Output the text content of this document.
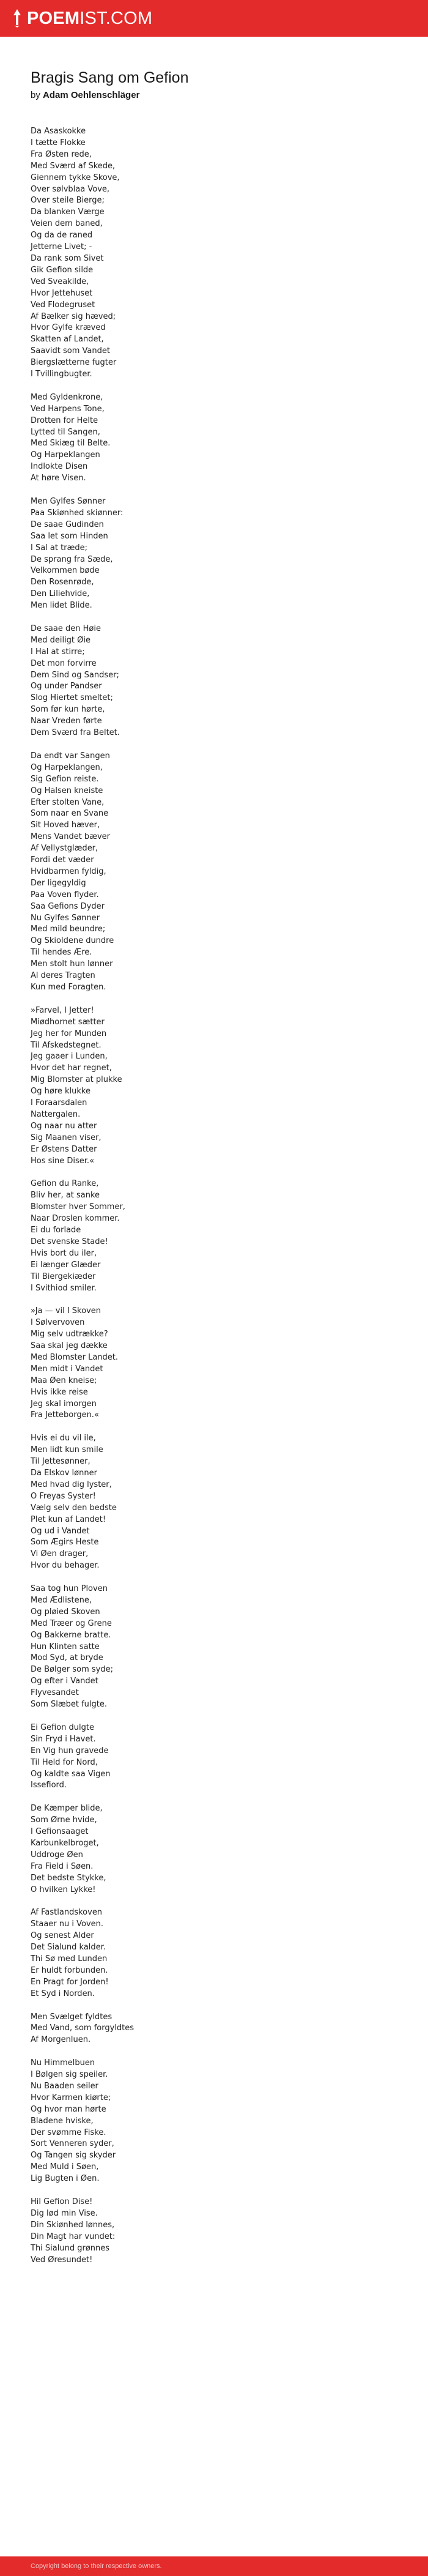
POEMIST.COM
Bragis Sang om Gefion

by Adam Oehlenschläger

Da Asaskokke
I tætte Flokke
Fra Østen rede,
Med Sværd af Skede,
Giennem tykke Skove,
Over sølvblaa Vove,
Over steile Bierge;
Da blanken Værge
Veien dem baned,
Og da de raned
Jetterne Livet; -
Da rank som Sivet
Gik Gefion silde
Ved Sveakilde,
Hvor Jettehuset
Ved Flodegruset
Af Bælker sig hæved;
Hvor Gylfe kræved
Skatten af Landet,
Saavidt som Vandet
Biergslætterne fugter
I Tvillingbugter.
Med Gyldenkrone,
Ved Harpens Tone,
Drotten for Helte
Lytted til Sangen,
Med Skiæg til Belte.
Og Harpeklangen
Indlokte Disen
At høre Visen.
Men Gylfes Sønner
Paa Skiønhed skiønner:
De saae Gudinden
Saa let som Hinden
I Sal at træde;
De sprang fra Sæde,
Velkommen bøde
Den Rosenrøde,
Den Liliehvide,
Men lidet Blide.
De saae den Høie
Med deiligt Øie
I Hal at stirre;
Det mon forvirre
Dem Sind og Sandser;
Og under Pandser
Slog Hiertet smeltet;
Som før kun hørte,
Naar Vreden førte
Dem Sværd fra Beltet.
Da endt var Sangen
Og Harpeklangen,
Sig Gefion reiste.
Og Halsen kneiste
Efter stolten Vane,
Som naar en Svane
Sit Hoved hæver,
Mens Vandet bæver
Af Vellystglæder,
Fordi det væder
Hvidbarmen fyldig,
Der ligegyldig
Paa Voven flyder.
Saa Gefions Dyder
Nu Gylfes Sønner
Med mild beundre;
Og Skioldene dundre
Til hendes Ære.
Men stolt hun lønner
Al deres Tragten
Kun med Foragten.
»Farvel, I Jetter!
Miødhornet sætter
Jeg her for Munden
Til Afskedstegnet.
Jeg gaaer i Lunden,
Hvor det har regnet,
Mig Blomster at plukke
Og høre klukke
I Foraarsdalen
Nattergalen.
Og naar nu atter
Sig Maanen viser,
Er Østens Datter
Hos sine Diser.«
Gefion du Ranke,
Bliv her, at sanke
Blomster hver Sommer,
Naar Droslen kommer.
Ei du forlade
Det svenske Stade!
Hvis bort du iler,
Ei længer Glæder
Til Biergekiæder
I Svithiod smiler.
»Ja — vil I Skoven
I Sølvervoven
Mig selv udtrække?
Saa skal jeg dække
Med Blomster Landet.
Men midt i Vandet
Maa Øen kneise;
Hvis ikke reise
Jeg skal imorgen
Fra Jetteborgen.«
Hvis ei du vil ile,
Men lidt kun smile
Til Jettesønner,
Da Elskov lønner
Med hvad dig lyster,
O Freyas Syster!
Vælg selv den bedste
Plet kun af Landet!
Og ud i Vandet
Som Ægirs Heste
Vi Øen drager,
Hvor du behager.
Saa tog hun Ploven
Med Ædlistene,
Og pløied Skoven
Med Træer og Grene
Og Bakkerne bratte.
Hun Klinten satte
Mod Syd, at bryde
De Bølger som syde;
Og efter i Vandet
Flyvesandet
Som Slæbet fulgte.
Ei Gefion dulgte
Sin Fryd i Havet.
En Vig hun gravede
Til Held for Nord,
Og kaldte saa Vigen
Issefiord.
De Kæmper blide,
Som Ørne hvide,
I Gefionsaaget
Karbunkelbroget,
Uddroge Øen
Fra Field i Søen.
Det bedste Stykke,
O hvilken Lykke!
Af Fastlandskoven
Staaer nu i Voven.
Og senest Alder
Det Sialund kalder.
Thi Sø med Lunden
Er huldt forbunden.
En Pragt for Jorden!
Et Syd i Norden.
Men Svælget fyldtes
Med Vand, som forgyldtes
Af Morgenluen.
Nu Himmelbuen
I Bølgen sig speiler.
Nu Baaden seiler
Hvor Karmen kiørte;
Og hvor man hørte
Bladene hviske,
Der svømme Fiske.
Sort Venneren syder,
Og Tangen sig skyder
Med Muld i Søen,
Lig Bugten i Øen.
Hil Gefion Dise!
Dig lød min Vise.
Din Skiønhed lønnes,
Din Magt har vundet:
Thi Sialund grønnes
Ved Øresundet!
Copyright belong to their respective owners.
